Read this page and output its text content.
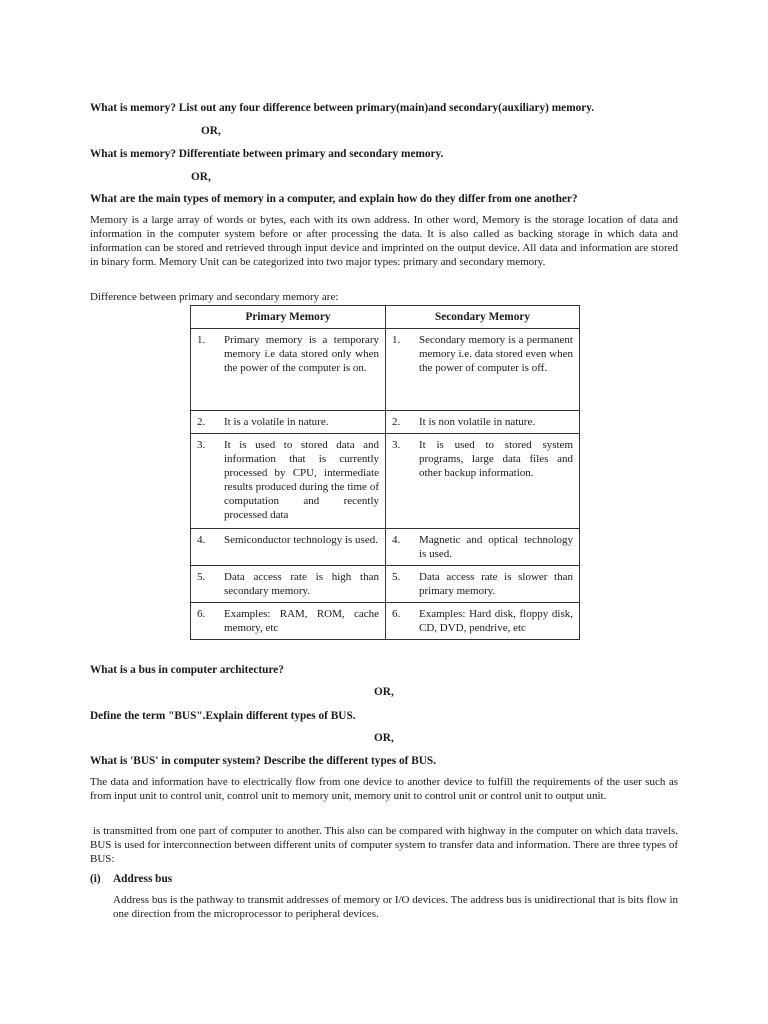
What is memory? List out any four difference between primary(main)and secondary(auxiliary) memory.
OR,
What is memory? Differentiate between primary and secondary memory.
OR,
What are the main types of memory in a computer, and explain how do they differ from one another?
Memory is a large array of words or bytes, each with its own address. In other word, Memory is the storage location of data and information in the computer system before or after processing the data. It is also called as backing storage in which data and information can be stored and retrieved through input device and imprinted on the output device. All data and information are stored in binary form. Memory Unit can be categorized into two major types: primary and secondary memory.
Difference between primary and secondary memory are:
Primary Memory	Secondary Memory

1. Primary memory is a temporary memory i.e data stored only when the power of the computer is on.	1. Secondary memory is a permanent memory i.e. data stored even when the power of computer is off.

2. It is a volatile in nature.	2. It is non volatile in nature.

3. It is used to stored data and information that is currently processed by CPU, intermediate results produced during the time of computation and recently processed data	3. It is used to stored system programs, large data files and other backup information.

4. Semiconductor technology is used.	4. Magnetic and optical technology is used.

5. Data access rate is high than secondary memory.	5. Data access rate is slower than primary memory.

6. Examples: RAM, ROM, cache memory, etc	6. Examples: Hard disk, floppy disk, CD, DVD, pendrive, etc
What is a bus in computer architecture?
OR,
Define the term "BUS".Explain different types of BUS.
OR,
What is 'BUS' in computer system? Describe the different types of BUS.
The data and information have to electrically flow from one device to another device to fulfill the requirements of the user such as from input unit to control unit, control unit to memory unit, memory unit to control unit or control unit to output unit.
is transmitted from one part of computer to another. This also can be compared with highway in the computer on which data travels. BUS is used for interconnection between different units of computer system to transfer data and information. There are three types of BUS:
(i) Address bus
Address bus is the pathway to transmit addresses of memory or I/O devices. The address bus is unidirectional that is bits flow in one direction from the microprocessor to peripheral devices.
